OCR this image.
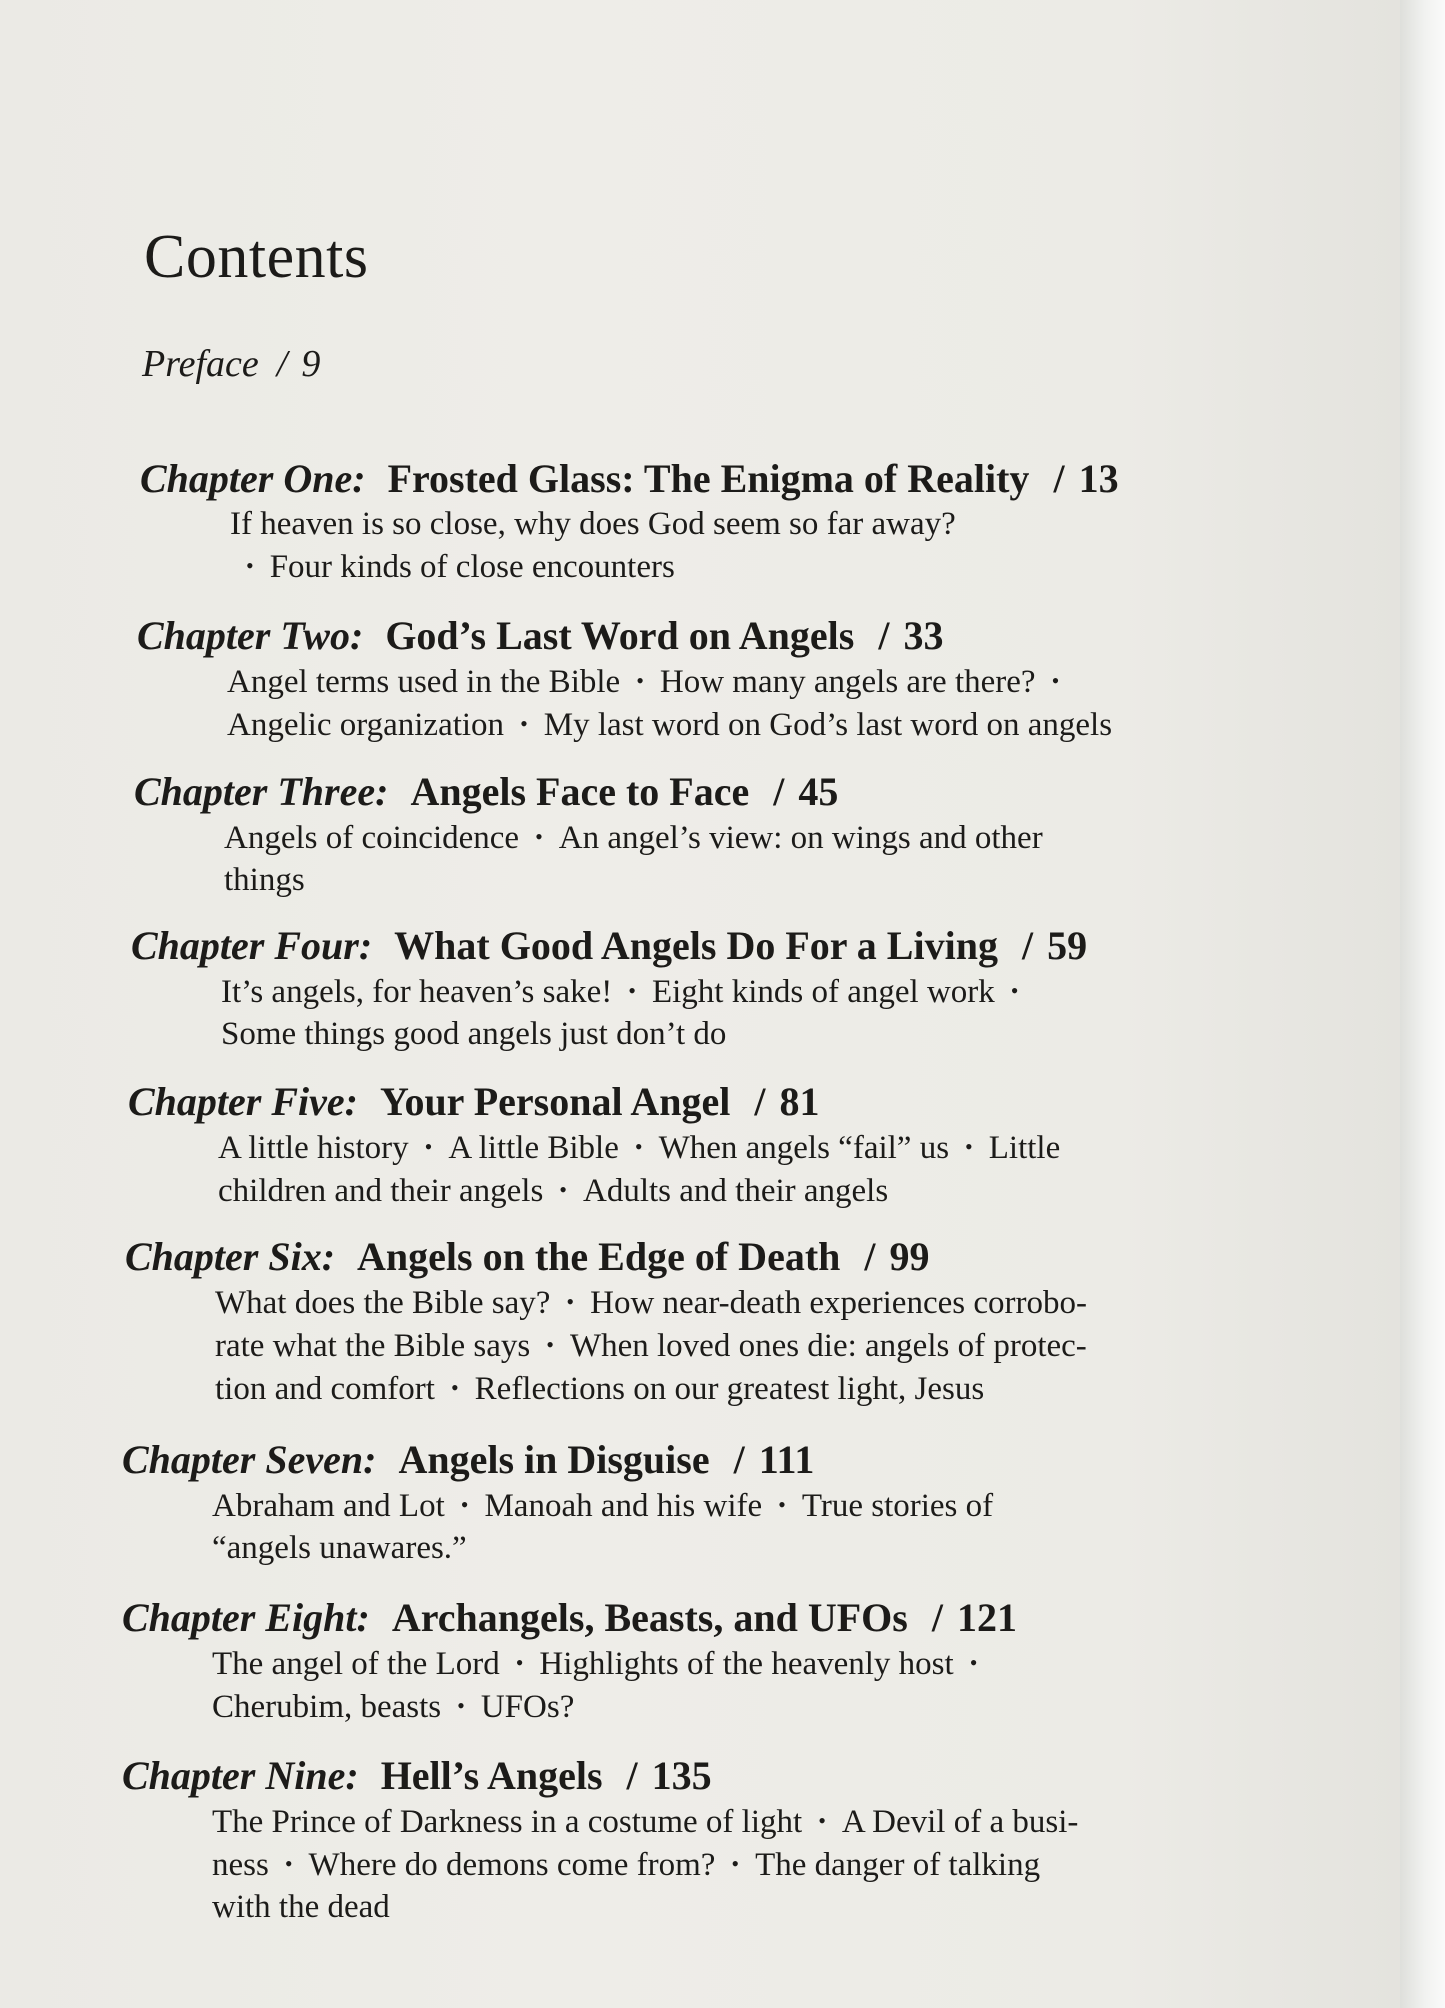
Contents
Preface / 9
Chapter One: Frosted Glass: The Enigma of Reality / 13
If heaven is so close, why does God seem so far away?
• Four kinds of close encounters
Chapter Two: God’s Last Word on Angels / 33
Angel terms used in the Bible • How many angels are there? •
Angelic organization • My last word on God’s last word on angels
Chapter Three: Angels Face to Face / 45
Angels of coincidence • An angel’s view: on wings and other
things
Chapter Four: What Good Angels Do For a Living / 59
It’s angels, for heaven’s sake! • Eight kinds of angel work •
Some things good angels just don’t do
Chapter Five: Your Personal Angel / 81
A little history • A little Bible • When angels “fail” us • Little
children and their angels • Adults and their angels
Chapter Six: Angels on the Edge of Death / 99
What does the Bible say? • How near-death experiences corrobo-
rate what the Bible says • When loved ones die: angels of protec-
tion and comfort • Reflections on our greatest light, Jesus
Chapter Seven: Angels in Disguise / 111
Abraham and Lot • Manoah and his wife • True stories of
“angels unawares.”
Chapter Eight: Archangels, Beasts, and UFOs / 121
The angel of the Lord • Highlights of the heavenly host •
Cherubim, beasts • UFOs?
Chapter Nine: Hell’s Angels / 135
The Prince of Darkness in a costume of light • A Devil of a busi-
ness • Where do demons come from? • The danger of talking
with the dead
